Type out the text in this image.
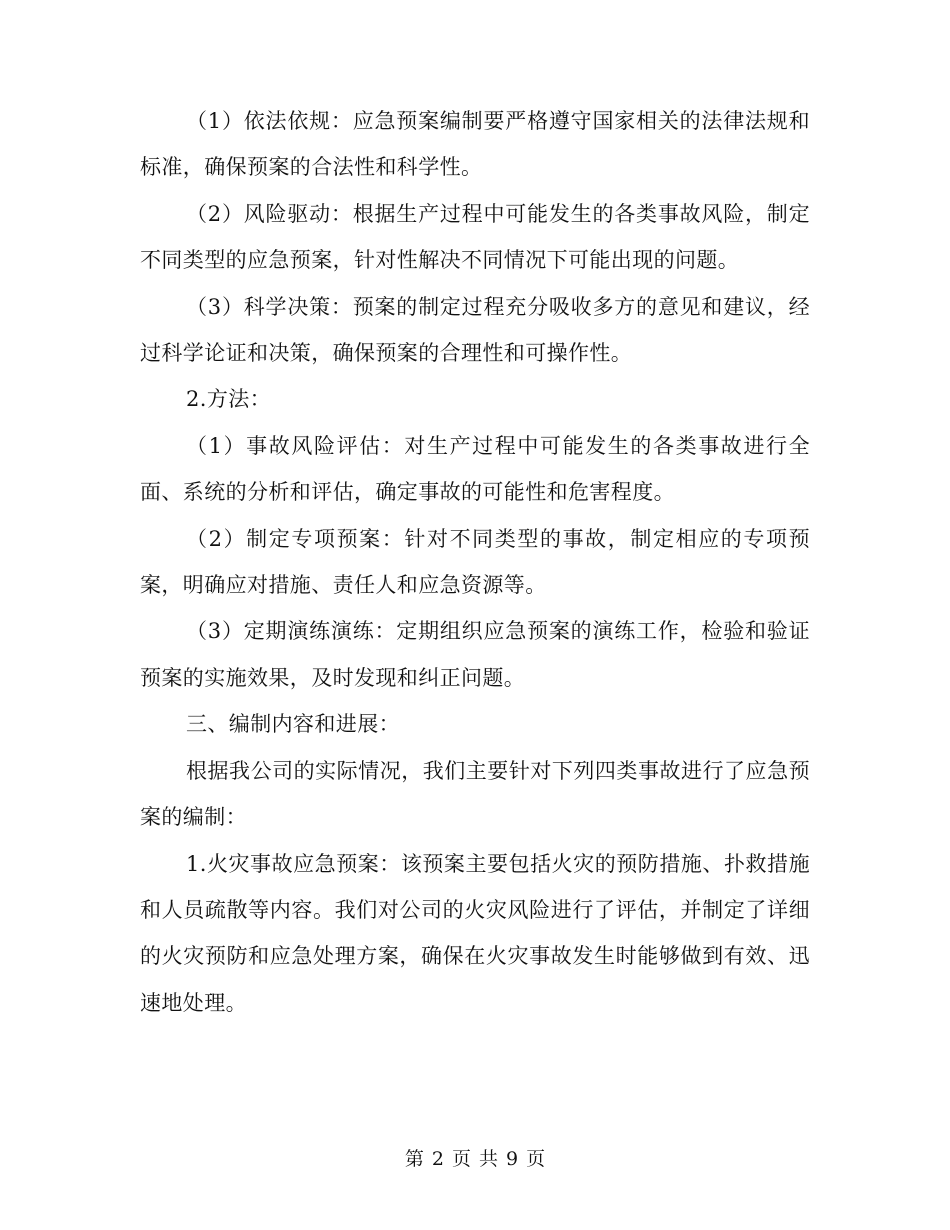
（1）依法依规：应急预案编制要严格遵守国家相关的法律法规和标准，确保预案的合法性和科学性。

（2）风险驱动：根据生产过程中可能发生的各类事故风险，制定不同类型的应急预案，针对性解决不同情况下可能出现的问题。

（3）科学决策：预案的制定过程充分吸收多方的意见和建议，经过科学论证和决策，确保预案的合理性和可操作性。

2.方法：

（1）事故风险评估：对生产过程中可能发生的各类事故进行全面、系统的分析和评估，确定事故的可能性和危害程度。

（2）制定专项预案：针对不同类型的事故，制定相应的专项预案，明确应对措施、责任人和应急资源等。

（3）定期演练演练：定期组织应急预案的演练工作，检验和验证预案的实施效果，及时发现和纠正问题。

三、编制内容和进展：

根据我公司的实际情况，我们主要针对下列四类事故进行了应急预案的编制：

1.火灾事故应急预案：该预案主要包括火灾的预防措施、扑救措施和人员疏散等内容。我们对公司的火灾风险进行了评估，并制定了详细的火灾预防和应急处理方案，确保在火灾事故发生时能够做到有效、迅速地处理。

第 2 页 共 9 页
